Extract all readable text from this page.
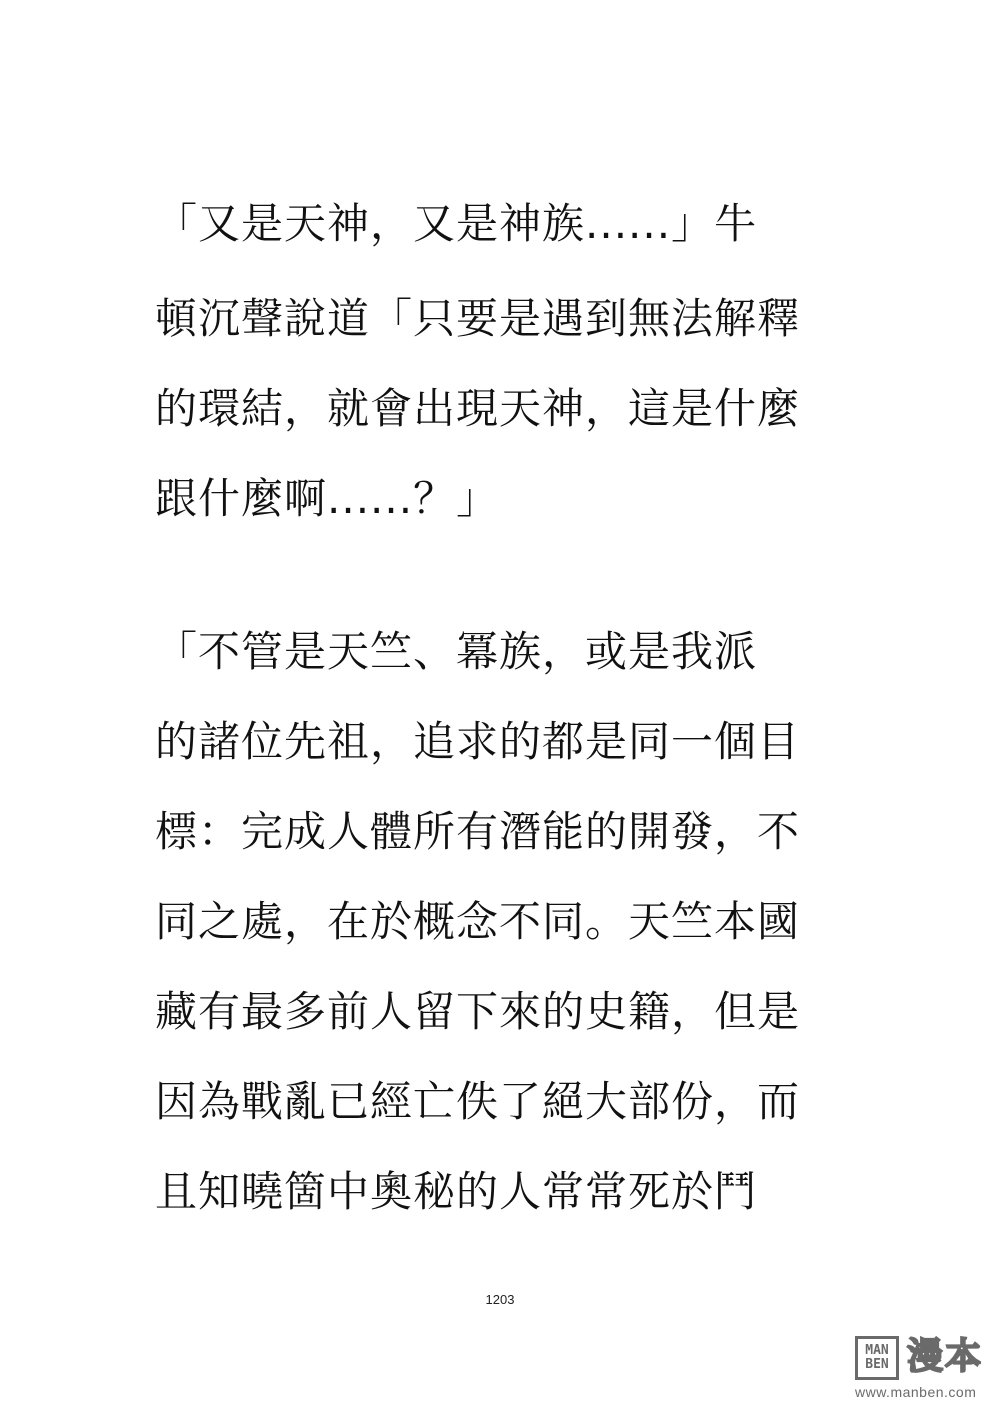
「又是天神，又是神族......」牛
頓沉聲說道「只要是遇到無法解釋
的環結，就會出現天神，這是什麼
跟什麼啊......？」
「不管是天竺、冪族，或是我派
的諸位先祖，追求的都是同一個目
標：完成人體所有潛能的開發，不
同之處，在於概念不同。天竺本國
藏有最多前人留下來的史籍，但是
因為戰亂已經亡佚了絕大部份，而
且知曉箇中奧秘的人常常死於鬥
1203
MAN
BEN 漫本
www.manben.com
